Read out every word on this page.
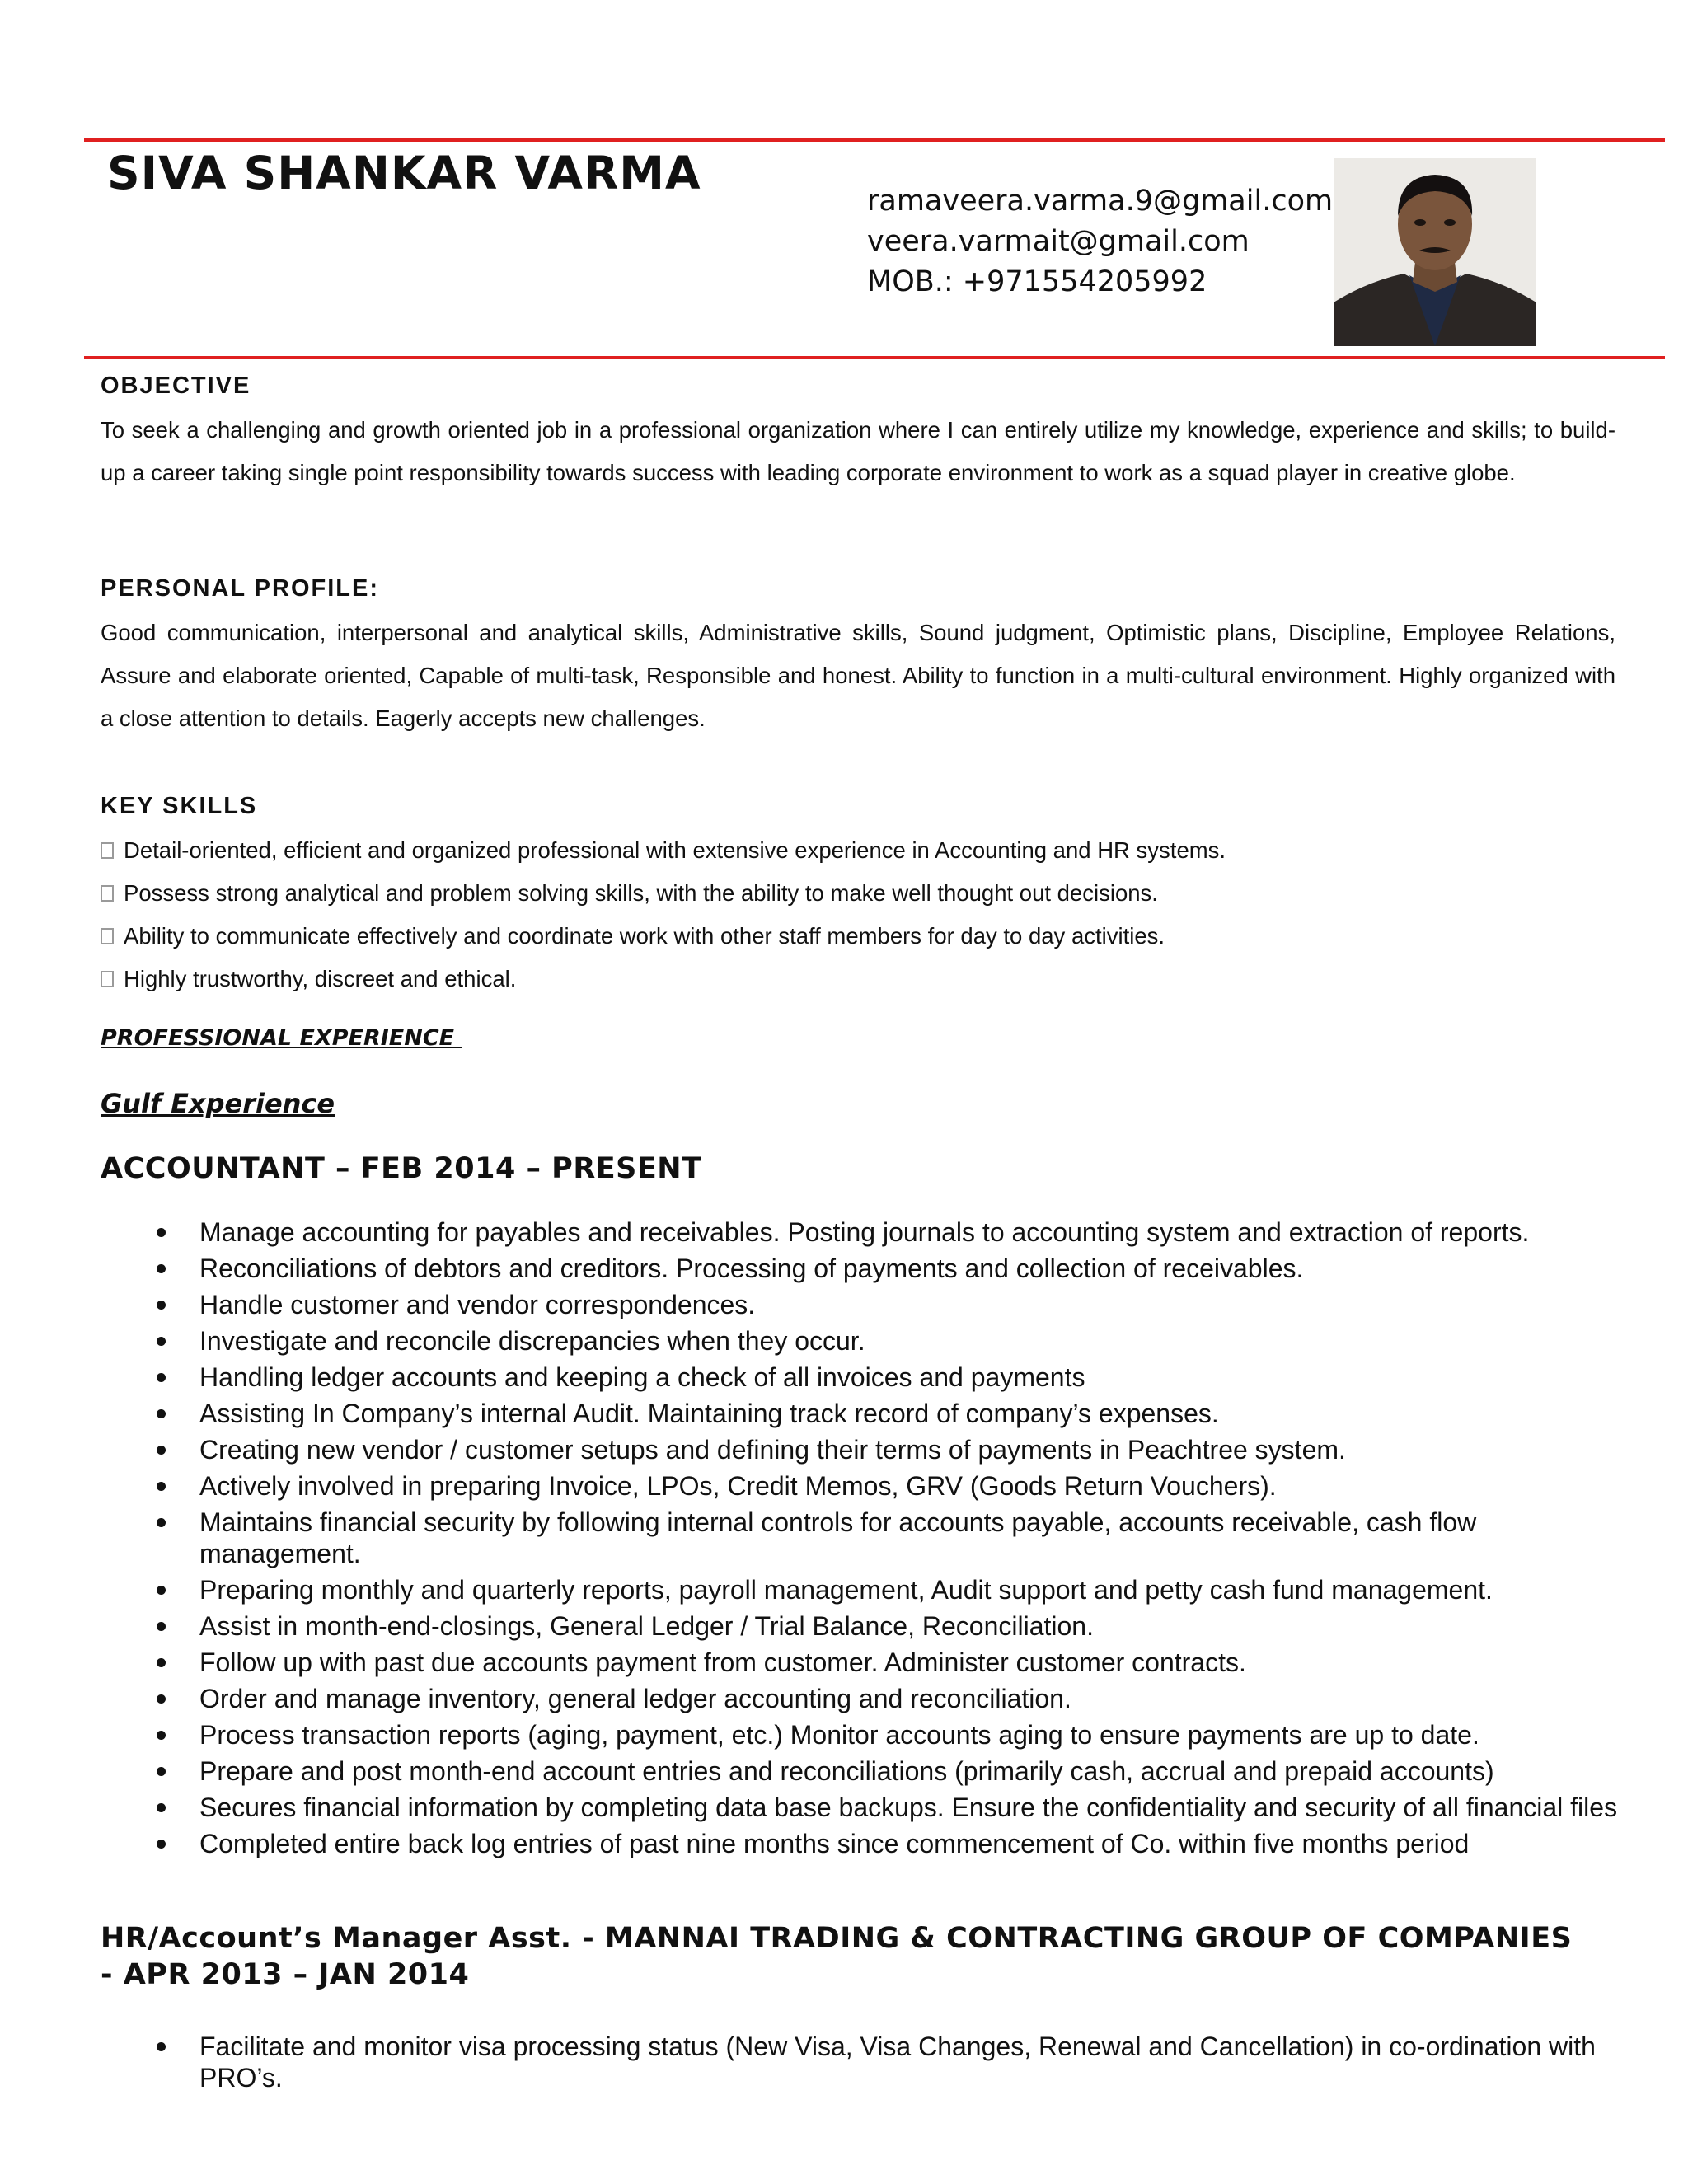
SIVA SHANKAR VARMA
ramaveera.varma.9@gmail.com
veera.varmait@gmail.com
MOB.: +971554205992
OBJECTIVE

To seek a challenging and growth oriented job in a professional organization where I can entirely utilize my knowledge, experience and skills; to build-up a career taking single point responsibility towards success with leading corporate environment to work as a squad player in creative globe.

PERSONAL PROFILE:

Good communication, interpersonal and analytical skills, Administrative skills, Sound judgment, Optimistic plans, Discipline, Employee Relations, Assure and elaborate oriented, Capable of multi-task, Responsible and honest. Ability to function in a multi-cultural environment. Highly organized with a close attention to details. Eagerly accepts new challenges.

KEY SKILLS
Detail-oriented, efficient and organized professional with extensive experience in Accounting and HR systems.
Possess strong analytical and problem solving skills, with the ability to make well thought out decisions.
Ability to communicate effectively and coordinate work with other staff members for day to day activities.
Highly trustworthy, discreet and ethical.
PROFESSIONAL EXPERIENCE
Gulf Experience
ACCOUNTANT – FEB 2014 – PRESENT
Manage accounting for payables and receivables. Posting journals to accounting system and extraction of reports.
Reconciliations of debtors and creditors. Processing of payments and collection of receivables.
Handle customer and vendor correspondences.
Investigate and reconcile discrepancies when they occur.
Handling ledger accounts and keeping a check of all invoices and payments
Assisting In Company’s internal Audit. Maintaining track record of company’s expenses.
Creating new vendor / customer setups and defining their terms of payments in Peachtree system.
Actively involved in preparing Invoice, LPOs, Credit Memos, GRV (Goods Return Vouchers).
Maintains financial security by following internal controls for accounts payable, accounts receivable, cash flow management.
Preparing monthly and quarterly reports, payroll management, Audit support and petty cash fund management.
Assist in month-end-closings, General Ledger / Trial Balance, Reconciliation.
Follow up with past due accounts payment from customer. Administer customer contracts.
Order and manage inventory, general ledger accounting and reconciliation.
Process transaction reports (aging, payment, etc.) Monitor accounts aging to ensure payments are up to date.
Prepare and post month-end account entries and reconciliations (primarily cash, accrual and prepaid accounts)
Secures financial information by completing data base backups. Ensure the confidentiality and security of all financial files
Completed entire back log entries of past nine months since commencement of Co. within five months period
HR/Account’s Manager Asst. - MANNAI TRADING & CONTRACTING GROUP OF COMPANIES - APR 2013 – JAN 2014
Facilitate and monitor visa processing status (New Visa, Visa Changes, Renewal and Cancellation) in co-ordination with PRO’s.
